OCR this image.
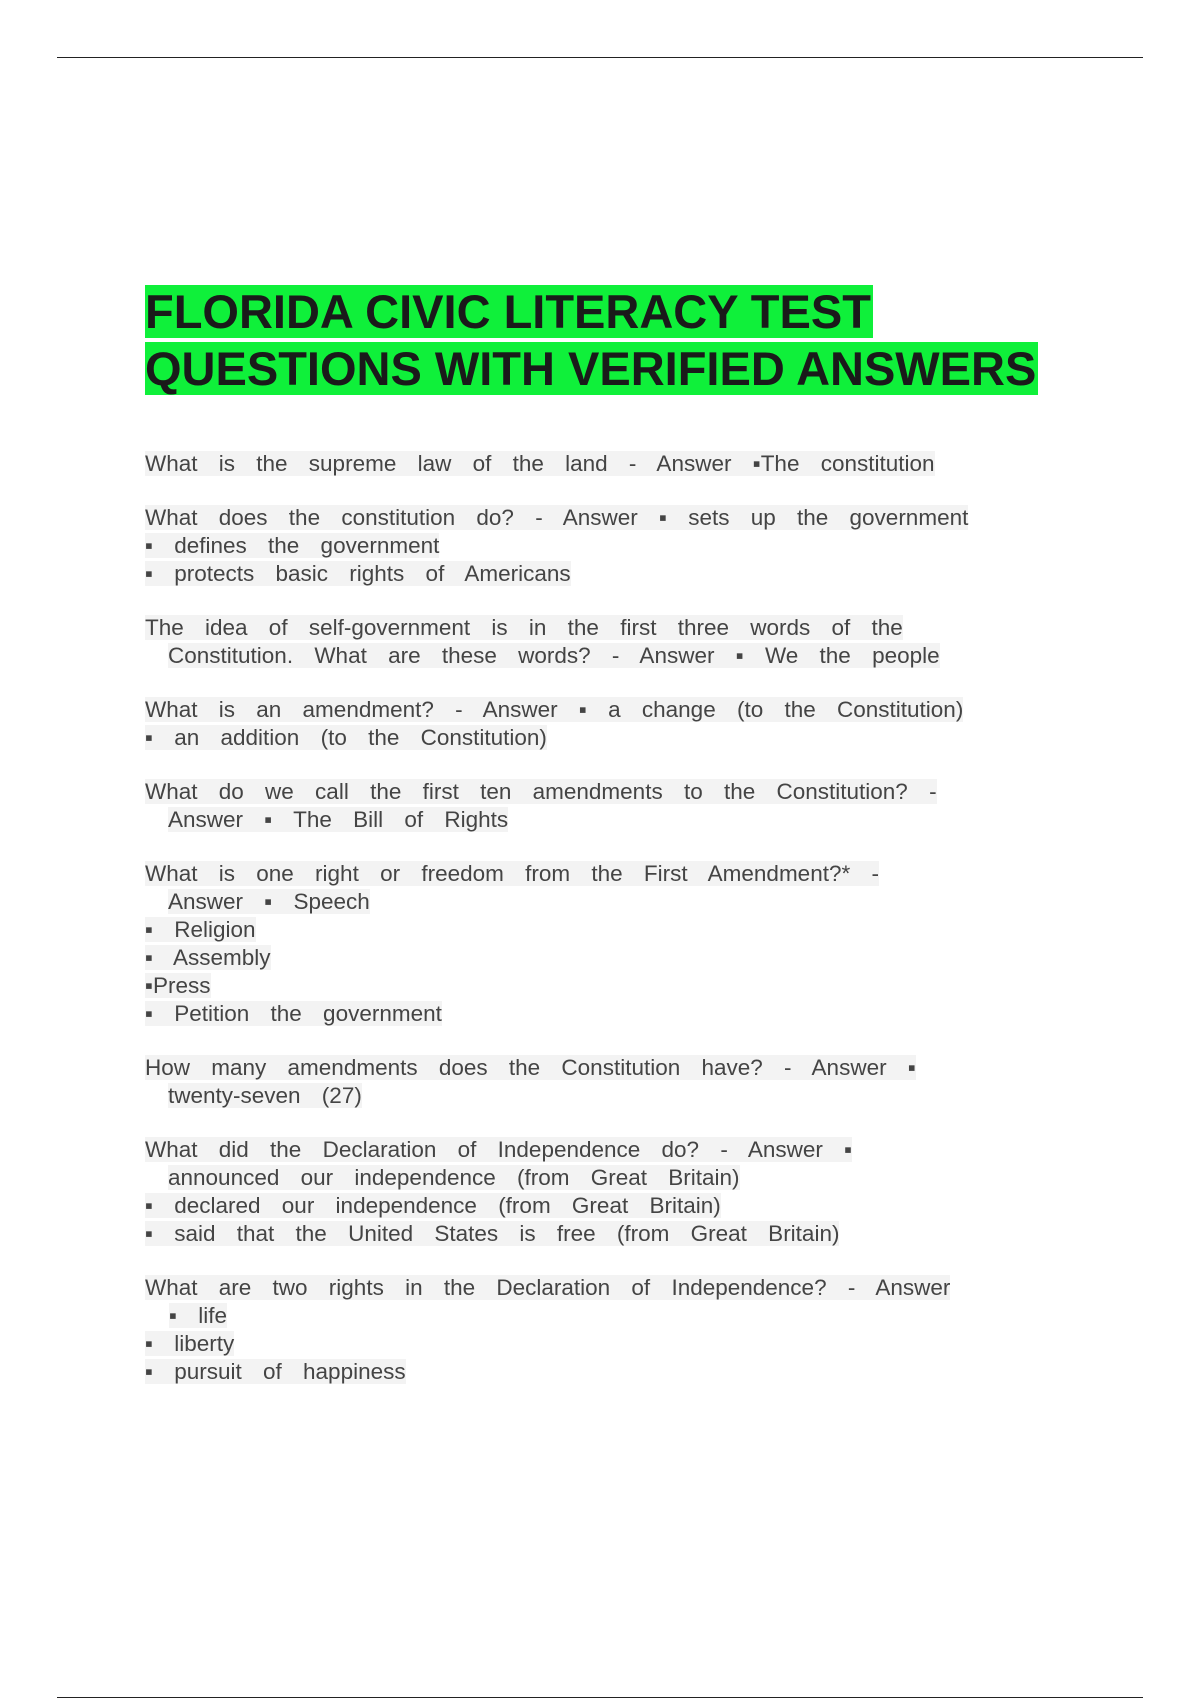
FLORIDA CIVIC LITERACY TEST
QUESTIONS WITH VERIFIED ANSWERS
What is the supreme law of the land - Answer ▪The constitution
What does the constitution do? - Answer ▪ sets up the government
▪ defines the government
▪ protects basic rights of Americans
The idea of self-government is in the first three words of the
Constitution. What are these words? - Answer ▪ We the people
What is an amendment? - Answer ▪ a change (to the Constitution)
▪ an addition (to the Constitution)
What do we call the first ten amendments to the Constitution? -
Answer ▪ The Bill of Rights
What is one right or freedom from the First Amendment?* -
Answer ▪ Speech
▪ Religion
▪ Assembly
▪Press
▪ Petition the government
How many amendments does the Constitution have? - Answer ▪
twenty-seven (27)
What did the Declaration of Independence do? - Answer ▪
announced our independence (from Great Britain)
▪ declared our independence (from Great Britain)
▪ said that the United States is free (from Great Britain)
What are two rights in the Declaration of Independence? - Answer
▪ life
▪ liberty
▪ pursuit of happiness
